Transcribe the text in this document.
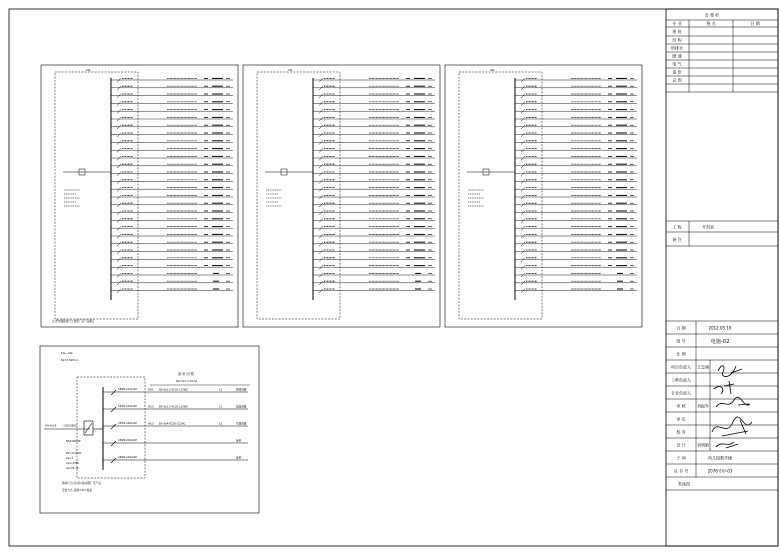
会 签 栏
专 业	签 名	日 期
建 筑
结 构
给排水
暖 通
电 气
造 价
总 图
工 程	开封县
备 注
日 期	2012.05.19
图 号	电施-02
比 例
项目负责人 王志刚
工种负责人
专业负责人
审 核	刘振军
审 定
校 对
设 计	刘明新
子 项	幼儿园教学楼
证 书 号	2076号甲-03
系统图
注:配电箱箱体尺寸参照厂家产品确定
2AL	3AL	4AL
1AL~3AL
Pe:17.6kW Ic:
YJV-4x25 ~220/380V
NSX100/4P
Pe=17.6kW
Kx=1
Cos=0.85
Ijs=29.7A
备 用 回 路
Pe=10 Ic=25.0A
箱体尺寸(宽x高x深)参照厂家产品
安装方式: 距地1.5m 暗装
C65N-C16A/1P	WL1 BV-3x2.5-SC20 CC/WC	L1	照明回路
C65N-C16A/1P	WL2 BV-3x2.5-SC20 CC/WC	L2	插座回路
C65N-C20A/1P	WL3 BV-3x4-SC20 CC/WC	L3	空调回路
C65N-C16A/1P	备用
C65N-C16A/1P	备用
